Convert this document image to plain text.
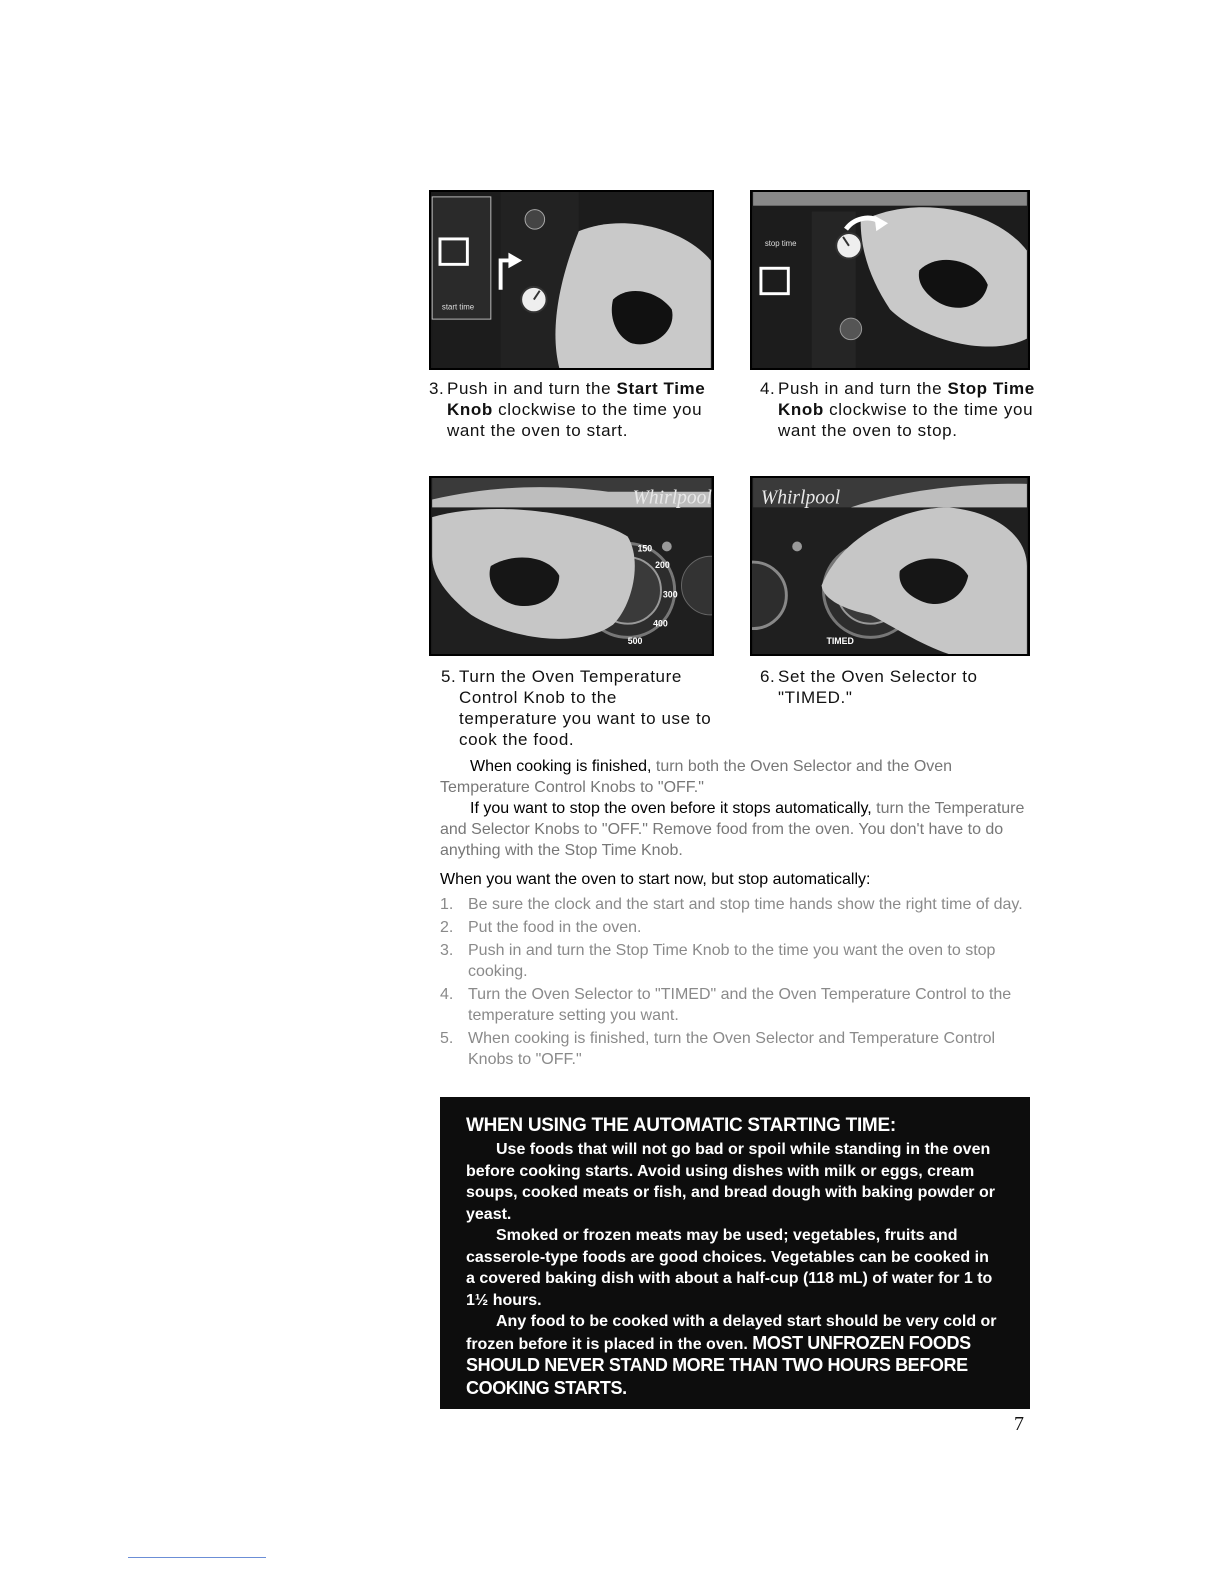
start time
stop time
3. Push in and turn the Start Time Knob clockwise to the time you want the oven to start.
4. Push in and turn the Stop Time Knob clockwise to the time you want the oven to stop.
Whirlpool
150
200
300
400
500
Whirlpool
TIMED
5. Turn the Oven Temperature Control Knob to the temperature you want to use to cook the food.
6. Set the Oven Selector to "TIMED."

When cooking is finished, turn both the Oven Selector and the Oven Temperature Control Knobs to "OFF."

If you want to stop the oven before it stops automatically, turn the Temperature and Selector Knobs to "OFF." Remove food from the oven. You don't have to do anything with the Stop Time Knob.

When you want the oven to start now, but stop automatically:

1. Be sure the clock and the start and stop time hands show the right time of day.
2. Put the food in the oven.
3. Push in and turn the Stop Time Knob to the time you want the oven to stop cooking.
4. Turn the Oven Selector to "TIMED" and the Oven Temperature Control to the temperature setting you want.
5. When cooking is finished, turn the Oven Selector and Temperature Control Knobs to "OFF."
WHEN USING THE AUTOMATIC STARTING TIME:

Use foods that will not go bad or spoil while standing in the oven before cooking starts. Avoid using dishes with milk or eggs, cream soups, cooked meats or fish, and bread dough with baking powder or yeast.

Smoked or frozen meats may be used; vegetables, fruits and casserole-type foods are good choices. Vegetables can be cooked in a covered baking dish with about a half-cup (118 mL) of water for 1 to 1½ hours.

Any food to be cooked with a delayed start should be very cold or frozen before it is placed in the oven. MOST UNFROZEN FOODS SHOULD NEVER STAND MORE THAN TWO HOURS BEFORE COOKING STARTS.

7
